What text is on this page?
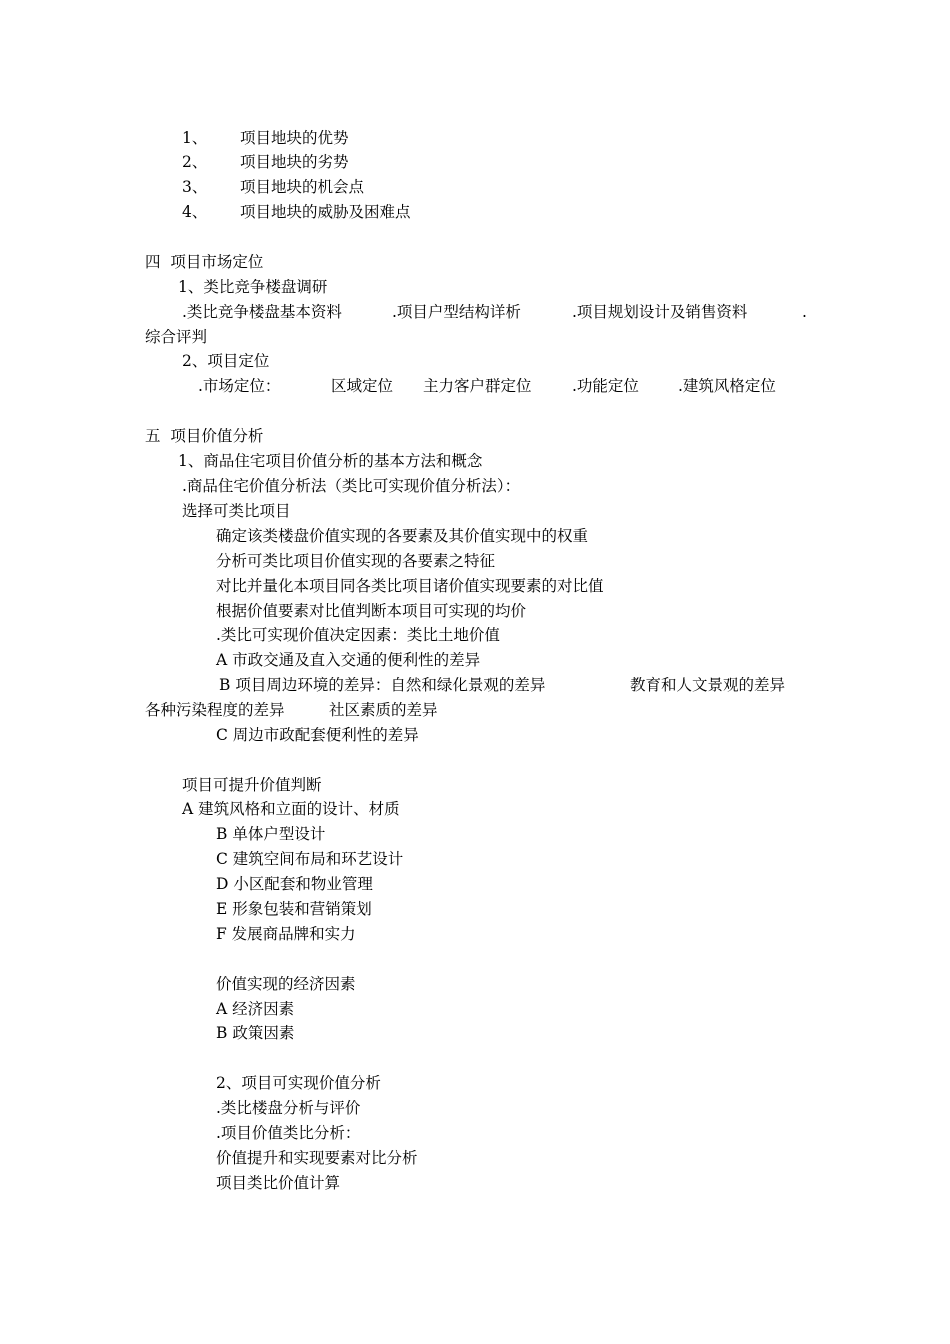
1、 项目地块的优势
2、 项目地块的劣势
3、 项目地块的机会点
4、 项目地块的威胁及困难点
四  项目市场定位
1、类比竞争楼盘调研
.类比竞争楼盘基本资料	.项目户型结构详析	.项目规划设计及销售资料	.
综合评判
2、项目定位
.市场定位：	区域定位 主力客户群定位	.功能定位	.建筑风格定位
五  项目价值分析
1、商品住宅项目价值分析的基本方法和概念
.商品住宅价值分析法（类比可实现价值分析法）：
选择可类比项目
确定该类楼盘价值实现的各要素及其价值实现中的权重
分析可类比项目价值实现的各要素之特征
对比并量化本项目同各类比项目诸价值实现要素的对比值
根据价值要素对比值判断本项目可实现的均价
.类比可实现价值决定因素：类比土地价值
A 市政交通及直入交通的便利性的差异
B 项目周边环境的差异：自然和绿化景观的差异	教育和人文景观的差异
各种污染程度的差异	社区素质的差异
C 周边市政配套便利性的差异
项目可提升价值判断
A 建筑风格和立面的设计、材质
B 单体户型设计
C 建筑空间布局和环艺设计
D 小区配套和物业管理
E 形象包装和营销策划
F 发展商品牌和实力
价值实现的经济因素
A 经济因素
B 政策因素
2、项目可实现价值分析
.类比楼盘分析与评价
.项目价值类比分析：
价值提升和实现要素对比分析
项目类比价值计算
